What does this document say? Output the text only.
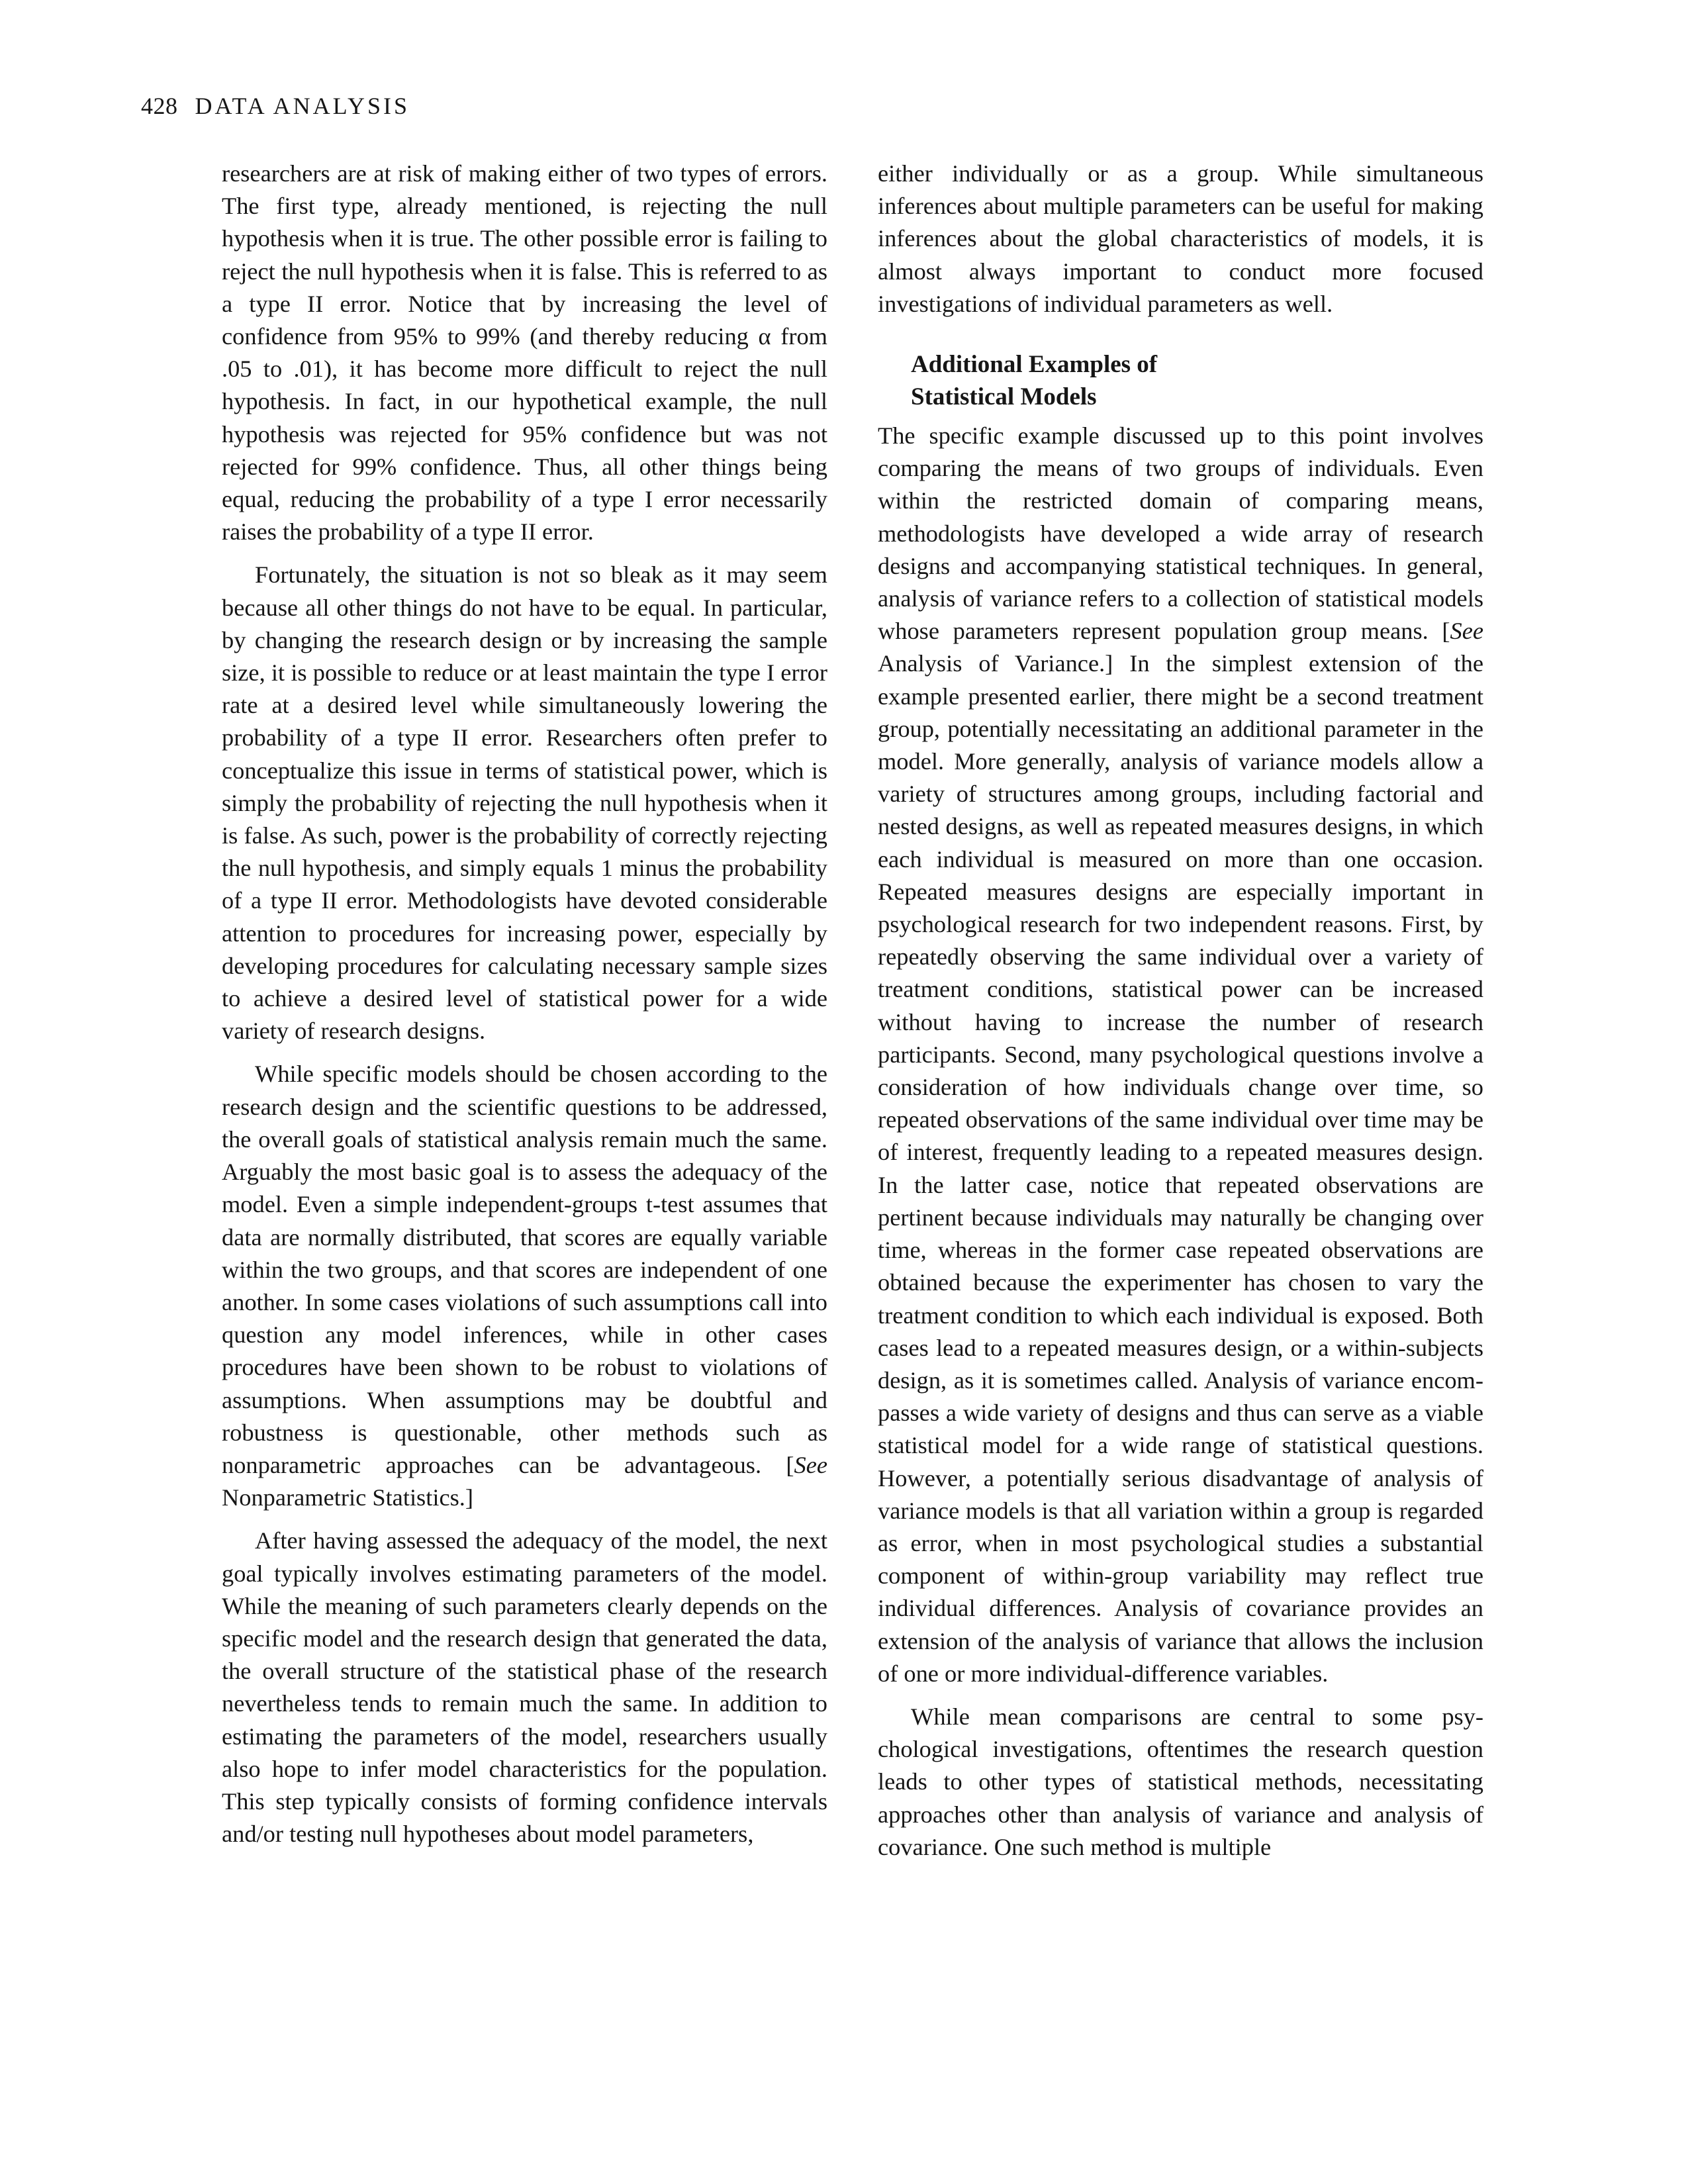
428 DATA ANALYSIS

researchers are at risk of making either of two types of errors. The first type, already mentioned, is rejecting the null hypothesis when it is true. The other possible error is failing to reject the null hypothesis when it is false. This is referred to as a type II error. Notice that by increasing the level of confidence from 95% to 99% (and thereby reducing α from .05 to .01), it has become more difficult to reject the null hypothesis. In fact, in our hypothetical example, the null hypothesis was rejected for 95% confidence but was not rejected for 99% confidence. Thus, all other things being equal, reducing the probability of a type I error necessarily raises the probability of a type II error.

Fortunately, the situation is not so bleak as it may seem because all other things do not have to be equal. In particular, by changing the research design or by increasing the sample size, it is possible to reduce or at least maintain the type I error rate at a desired level while simultaneously lowering the probability of a type II error. Researchers often prefer to conceptualize this issue in terms of statistical power, which is simply the probability of rejecting the null hypothesis when it is false. As such, power is the probability of correctly rejecting the null hypothesis, and simply equals 1 minus the probability of a type II error. Methodologists have devoted considerable attention to procedures for increasing power, especially by developing procedures for calculating necessary sample sizes to achieve a desired level of statistical power for a wide variety of research designs.

While specific models should be chosen according to the research design and the scientific questions to be addressed, the overall goals of statistical analysis remain much the same. Arguably the most basic goal is to assess the adequacy of the model. Even a simple independent-groups t-test assumes that data are normally distributed, that scores are equally variable within the two groups, and that scores are independent of one another. In some cases violations of such assumptions call into question any model inferences, while in other cases procedures have been shown to be robust to violations of assumptions. When assumptions may be doubtful and robustness is questionable, other methods such as nonparametric approaches can be advantageous. [See Nonparametric Statistics.]

After having assessed the adequacy of the model, the next goal typically involves estimating parameters of the model. While the meaning of such parameters clearly depends on the specific model and the research design that generated the data, the overall structure of the statistical phase of the research nevertheless tends to remain much the same. In addition to estimating the parameters of the model, researchers usually also hope to infer model characteristics for the population. This step typically consists of forming confidence intervals and/or testing null hypotheses about model parameters,

either individually or as a group. While simultaneous inferences about multiple parameters can be useful for making inferences about the global characteristics of models, it is almost always important to conduct more focused investigations of individual parameters as well.

Additional Examples of
Statistical Models

The specific example discussed up to this point involves comparing the means of two groups of individuals. Even within the restricted domain of comparing means, methodologists have developed a wide array of research designs and accompanying statistical techniques. In general, analysis of variance refers to a collection of statistical models whose parameters represent population group means. [See Analysis of Variance.] In the simplest extension of the example presented earlier, there might be a second treatment group, potentially necessitating an additional parameter in the model. More generally, analysis of variance models allow a variety of structures among groups, including factorial and nested designs, as well as repeated measures designs, in which each individual is measured on more than one occasion. Repeated measures designs are especially important in psychological research for two independent reasons. First, by repeatedly observing the same individual over a variety of treatment conditions, statistical power can be increased without having to increase the number of research participants. Second, many psychological questions involve a consideration of how individuals change over time, so repeated observations of the same individual over time may be of interest, frequently leading to a repeated measures design. In the latter case, notice that repeated observations are pertinent because individuals may naturally be changing over time, whereas in the former case repeated observations are obtained because the experimenter has chosen to vary the treatment condition to which each individual is exposed. Both cases lead to a repeated measures design, or a within-subjects design, as it is sometimes called. Analysis of variance encompasses a wide variety of designs and thus can serve as a viable statistical model for a wide range of statistical questions. However, a potentially serious disadvantage of analysis of variance models is that all variation within a group is regarded as error, when in most psychological studies a substantial component of within-group variability may reflect true individual differences. Analysis of covariance provides an extension of the analysis of variance that allows the inclusion of one or more individual-difference variables.

While mean comparisons are central to some psychological investigations, oftentimes the research question leads to other types of statistical methods, necessitating approaches other than analysis of variance and analysis of covariance. One such method is multiple
